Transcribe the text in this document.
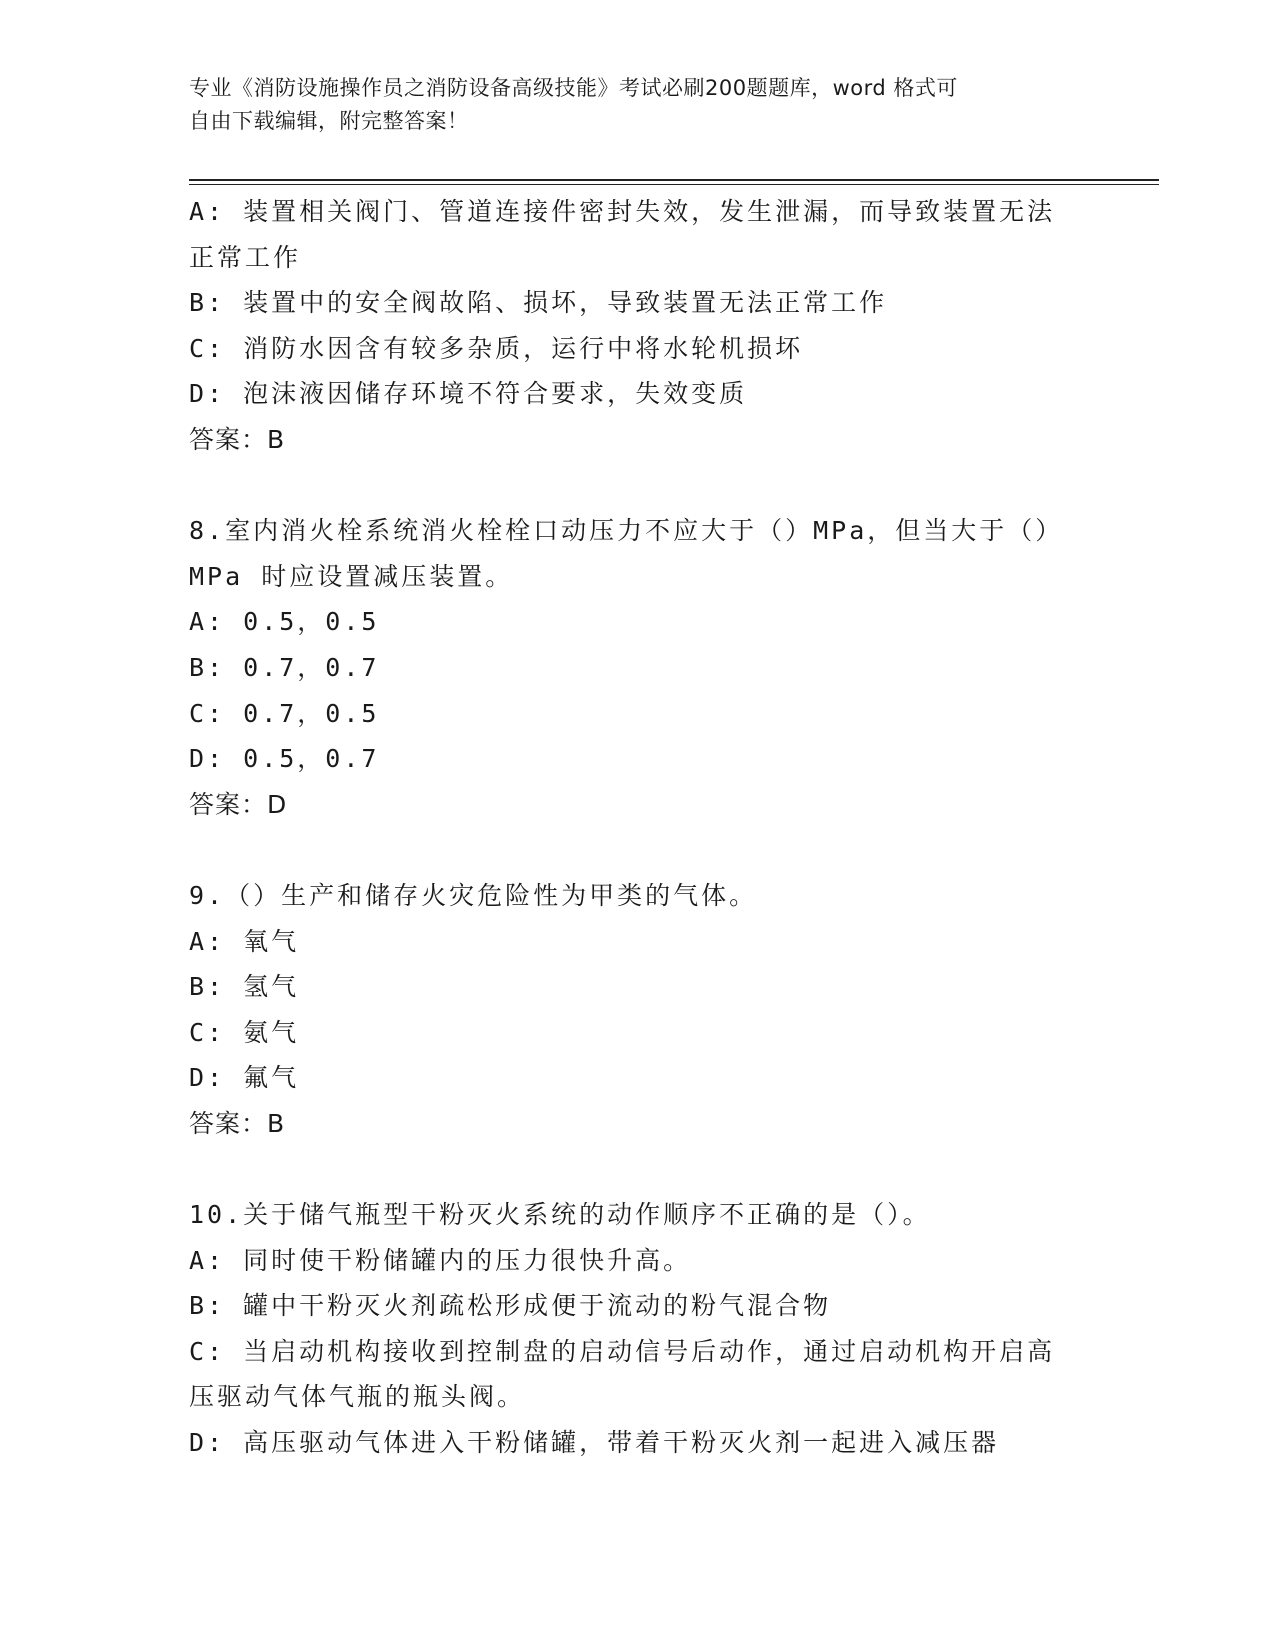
专业《消防设施操作员之消防设备高级技能》考试必刷200题题库，word 格式可
自由下载编辑，附完整答案！
A: 装置相关阀门、管道连接件密封失效，发生泄漏，而导致装置无法
正常工作
B: 装置中的安全阀故陷、损坏，导致装置无法正常工作
C: 消防水因含有较多杂质，运行中将水轮机损坏
D: 泡沫液因储存环境不符合要求，失效变质
答案：B
8.室内消火栓系统消火栓栓口动压力不应大于（）MPa，但当大于（）
MPa 时应设置减压装置。
A: 0.5，0.5
B: 0.7，0.7
C: 0.7，0.5
D: 0.5，0.7
答案：D
9.（）生产和储存火灾危险性为甲类的气体。
A: 氧气
B: 氢气
C: 氨气
D: 氟气
答案：B
10.关于储气瓶型干粉灭火系统的动作顺序不正确的是（）。
A: 同时使干粉储罐内的压力很快升高。
B: 罐中干粉灭火剂疏松形成便于流动的粉气混合物
C: 当启动机构接收到控制盘的启动信号后动作，通过启动机构开启高
压驱动气体气瓶的瓶头阀。
D: 高压驱动气体进入干粉储罐，带着干粉灭火剂一起进入减压器
